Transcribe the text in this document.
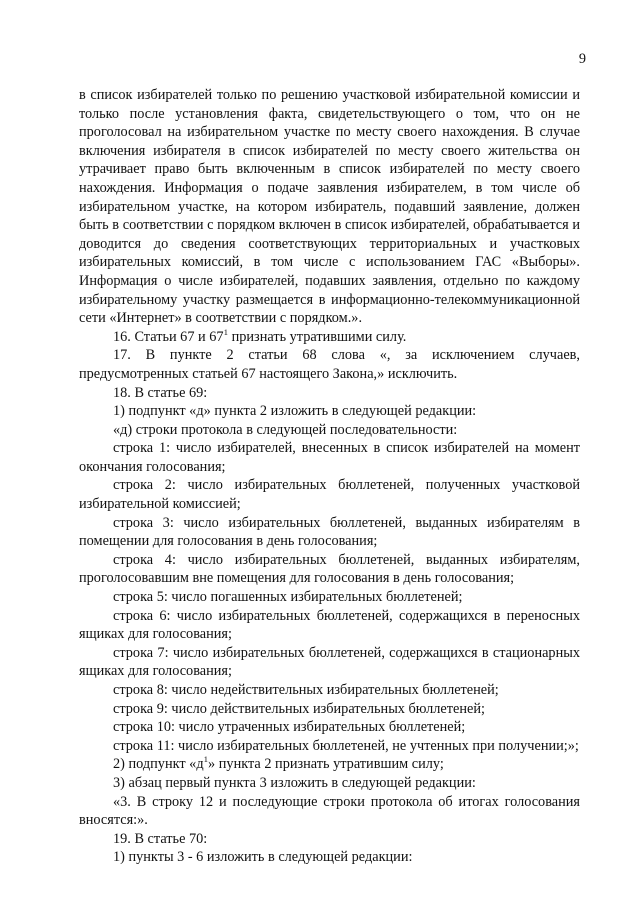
9

в список избирателей только по решению участковой избирательной комиссии и только после установления факта, свидетельствующего о том, что он не проголосовал на избирательном участке по месту своего нахождения. В случае включения избирателя в список избирателей по месту своего жительства он утрачивает право быть включенным в список избирателей по месту своего нахождения. Информация о подаче заявления избирателем, в том числе об избирательном участке, на котором избиратель, подавший заявление, должен быть в соответствии с порядком включен в список избирателей, обрабатывается и доводится до сведения соответствующих территориальных и участковых избирательных комиссий, в том числе с использованием ГАС «Выборы». Информация о числе избирателей, подавших заявления, отдельно по каждому избирательному участку размещается в информационно-телекоммуникационной сети «Интернет» в соответствии с порядком.».

16. Статьи 67 и $67^1$ признать утратившими силу.

17. В пункте 2 статьи 68 слова «, за исключением случаев, предусмотренных статьей 67 настоящего Закона,» исключить.

18. В статье 69:

1) подпункт «д» пункта 2 изложить в следующей редакции:

«д) строки протокола в следующей последовательности:

строка 1: число избирателей, внесенных в список избирателей на момент окончания голосования;

строка 2: число избирательных бюллетеней, полученных участковой избирательной комиссией;

строка 3: число избирательных бюллетеней, выданных избирателям в помещении для голосования в день голосования;

строка 4: число избирательных бюллетеней, выданных избирателям, проголосовавшим вне помещения для голосования в день голосования;

строка 5: число погашенных избирательных бюллетеней;

строка 6: число избирательных бюллетеней, содержащихся в переносных ящиках для голосования;

строка 7: число избирательных бюллетеней, содержащихся в стационарных ящиках для голосования;

строка 8: число недействительных избирательных бюллетеней;

строка 9: число действительных избирательных бюллетеней;

строка 10: число утраченных избирательных бюллетеней;

строка 11: число избирательных бюллетеней, не учтенных при получении;»;

2) подпункт «$д^1$» пункта 2 признать утратившим силу;

3) абзац первый пункта 3 изложить в следующей редакции:

«3. В строку 12 и последующие строки протокола об итогах голосования вносятся:».

19. В статье 70:

1) пункты 3 - 6 изложить в следующей редакции:
